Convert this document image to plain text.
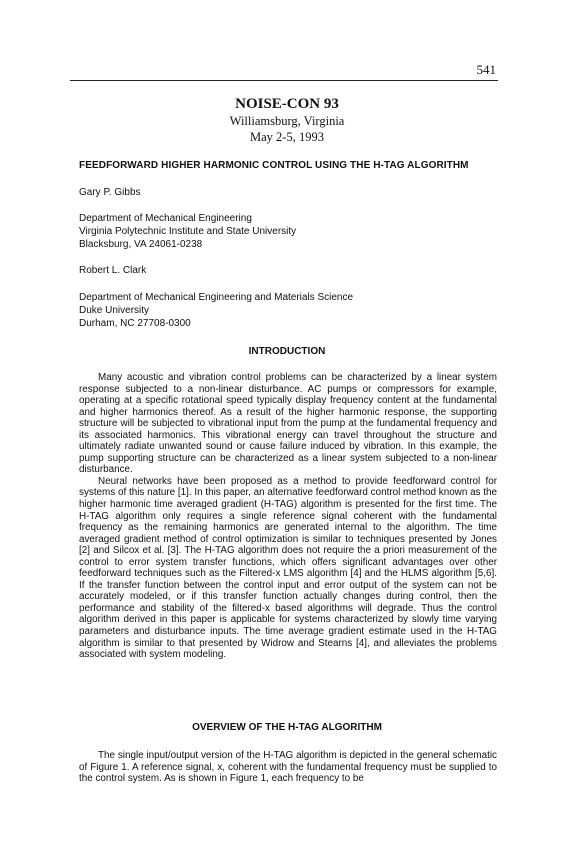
541
NOISE-CON 93
Williamsburg, Virginia
May 2-5, 1993
FEEDFORWARD HIGHER HARMONIC CONTROL USING THE H-TAG ALGORITHM
Gary P. Gibbs
Department of Mechanical Engineering
Virginia Polytechnic Institute and State University
Blacksburg, VA 24061-0238
Robert L. Clark
Department of Mechanical Engineering and Materials Science
Duke University
Durham, NC 27708-0300
INTRODUCTION

Many acoustic and vibration control problems can be characterized by a linear system response subjected to a non-linear disturbance. AC pumps or compressors for example, operating at a specific rotational speed typically display frequency content at the fundamental and higher harmonics thereof. As a result of the higher harmonic response, the supporting structure will be subjected to vibrational input from the pump at the fundamental frequency and its associated harmonics. This vibrational energy can travel throughout the structure and ultimately radiate unwanted sound or cause failure induced by vibration. In this example, the pump supporting structure can be characterized as a linear system subjected to a non-linear disturbance.

Neural networks have been proposed as a method to provide feedforward control for systems of this nature [1]. In this paper, an alternative feedforward control method known as the higher harmonic time averaged gradient (H-TAG) algorithm is presented for the first time. The H-TAG algorithm only requires a single reference signal coherent with the fundamental frequency as the remaining harmonics are generated internal to the algorithm. The time averaged gradient method of control optimization is similar to techniques presented by Jones [2] and Silcox et al. [3]. The H-TAG algorithm does not require the a priori measurement of the control to error system transfer functions, which offers significant advantages over other feedforward techniques such as the Filtered-x LMS algorithm [4] and the HLMS algorithm [5,6]. If the transfer function between the control input and error output of the system can not be accurately modeled, or if this transfer function actually changes during control, then the performance and stability of the filtered-x based algorithms will degrade. Thus the control algorithm derived in this paper is applicable for systems characterized by slowly time varying parameters and disturbance inputs. The time average gradient estimate used in the H-TAG algorithm is similar to that presented by Widrow and Stearns [4], and alleviates the problems associated with system modeling.

OVERVIEW OF THE H-TAG ALGORITHM

The single input/output version of the H-TAG algorithm is depicted in the general schematic of Figure 1. A reference signal, x, coherent with the fundamental frequency must be supplied to the control system. As is shown in Figure 1, each frequency to be
